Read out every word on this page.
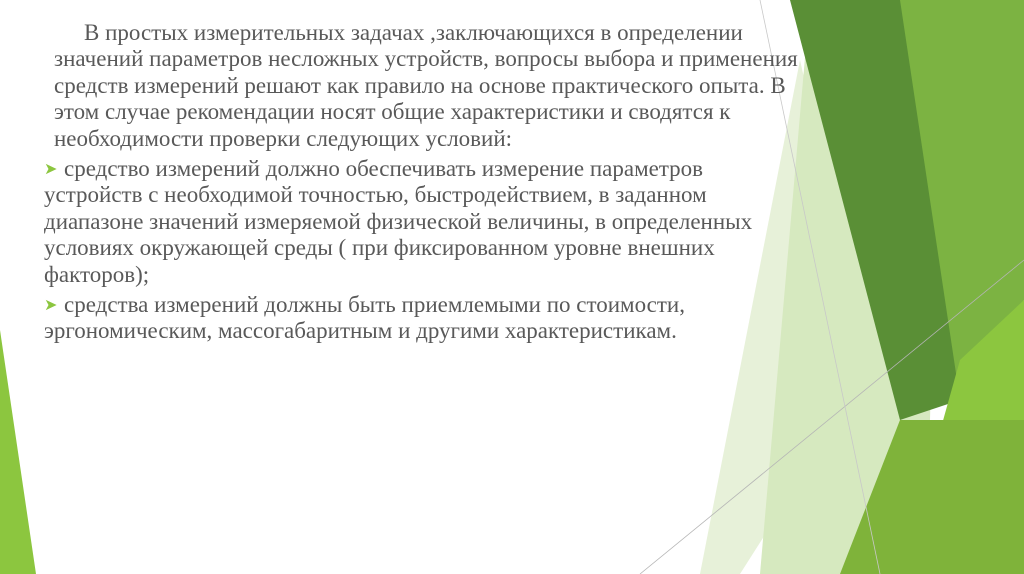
В простых измерительных задачах ,заключающихся в определении значений параметров несложных устройств, вопросы выбора и применения средств измерений решают как правило на основе практического опыта. В этом случае рекомендации носят общие характеристики и сводятся к необходимости проверки следующих условий:

➤ средство измерений должно обеспечивать измерение параметров устройств с необходимой точностью, быстродействием, в заданном диапазоне значений измеряемой физической величины, в определенных условиях окружающей среды ( при фиксированном уровне внешних факторов);
➤ средства измерений должны быть приемлемыми по стоимости, эргономическим, массогабаритным и другими характеристикам.
